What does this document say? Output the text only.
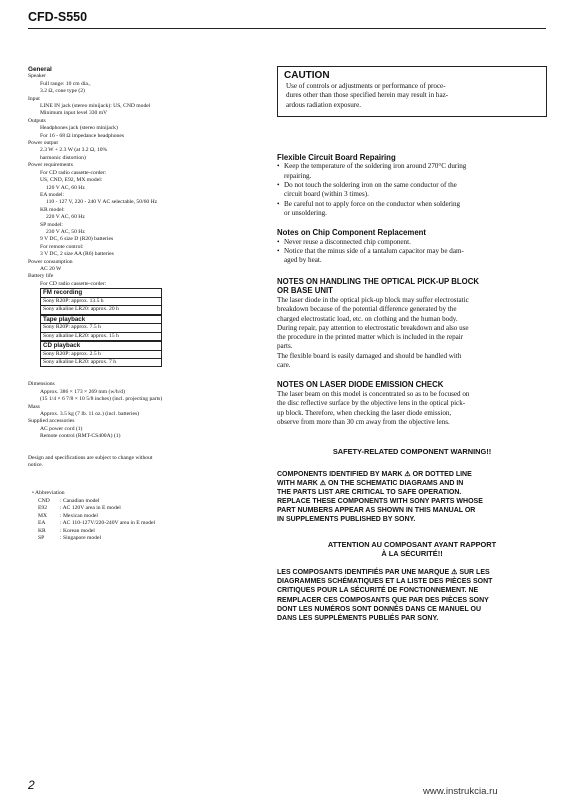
CFD-S550
General
Speaker
Full range: 10 cm dia.,
3.2 Ω, cone type (2)
Input
LINE IN jack (stereo minijack): US, CND model
Minimum input level 330 mV
Outputs
Headphones jack (stereo minijack)
For 16 - 68 Ω impedance headphones
Power output
2.3 W + 2.3 W (at 3.2 Ω, 10%
harmonic distortion)
Power requirements
For CD radio cassette-corder:
US, CND, E92, MX model:
120 V AC, 60 Hz
EA model:
110 - 127 V, 220 - 240 V AC selectable, 50/60 Hz
KR model:
220 V AC, 60 Hz
SP model:
230 V AC, 50 Hz
9 V DC, 6 size D (R20) batteries
For remote control:
3 V DC, 2 size AA (R6) batteries
Power consumption
AC 20 W
Battery life
For CD radio cassette-corder:
FM recording
Sony R20P: approx. 13.5 h
Sony alkaline LR20: approx. 20 h
Tape playback
Sony R20P: approx. 7.5 h
Sony alkaline LR20: approx. 15 h
CD playback
Sony R20P: approx. 2.5 h
Sony alkaline LR20: approx. 7 h
Dimensions
Approx. 386 × 173 × 269 mm (w/h/d)
(15 1/4 × 6 7/8 × 10 5/8 inches) (incl. projecting parts)
Mass
Approx. 3.5 kg (7 lb. 11 oz.) (incl. batteries)
Supplied accessories
AC power cord (1)
Remote control (RMT-CS400A) (1)
Design and specifications are subject to change without
notice.
• Abbreviation
CND	: Canadian model
E92	: AC 120V area in E model
MX	: Mexican model
EA	: AC 110-127V/220-240V area in E model
KR	: Korean model
SP	: Singapore model
CAUTION
Use of controls or adjustments or performance of proce-
dures other than those specified herein may result in haz-
ardous radiation exposure.
Flexible Circuit Board Repairing
• Keep the temperature of the soldering iron around 270°C during
repairing.
• Do not touch the soldering iron on the same conductor of the
circuit board (within 3 times).
• Be careful not to apply force on the conductor when soldering
or unsoldering.
Notes on Chip Component Replacement
• Never reuse a disconnected chip component.
• Notice that the minus side of a tantalum capacitor may be dam-
aged by heat.
NOTES ON HANDLING THE OPTICAL PICK-UP BLOCK
OR BASE UNIT
The laser diode in the optical pick-up block may suffer electrostatic
breakdown because of the potential difference generated by the
charged electrostatic load, etc. on clothing and the human body.
During repair, pay attention to electrostatic breakdown and also use
the procedure in the printed matter which is included in the repair
parts.
The flexible board is easily damaged and should be handled with
care.
NOTES ON LASER DIODE EMISSION CHECK
The laser beam on this model is concentrated so as to be focused on
the disc reflective surface by the objective lens in the optical pick-
up block. Therefore, when checking the laser diode emission,
observe from more than 30 cm away from the objective lens.
SAFETY-RELATED COMPONENT WARNING!!
COMPONENTS IDENTIFIED BY MARK ⚠ OR DOTTED LINE
WITH MARK ⚠ ON THE SCHEMATIC DIAGRAMS AND IN
THE PARTS LIST ARE CRITICAL TO SAFE OPERATION.
REPLACE THESE COMPONENTS WITH SONY PARTS WHOSE
PART NUMBERS APPEAR AS SHOWN IN THIS MANUAL OR
IN SUPPLEMENTS PUBLISHED BY SONY.
ATTENTION AU COMPOSANT AYANT RAPPORT
À LA SÉCURITÉ!!
LES COMPOSANTS IDENTIFIÉS PAR UNE MARQUE ⚠ SUR LES
DIAGRAMMES SCHÉMATIQUES ET LA LISTE DES PIÈCES SONT
CRITIQUES POUR LA SÉCURITÉ DE FONCTIONNEMENT. NE
REMPLACER CES COMPOSANTS QUE PAR DES PIÈCES SONY
DONT LES NUMÉROS SONT DONNÉS DANS CE MANUEL OU
DANS LES SUPPLÉMENTS PUBLIÉS PAR SONY.
2	www.instrukcia.ru
